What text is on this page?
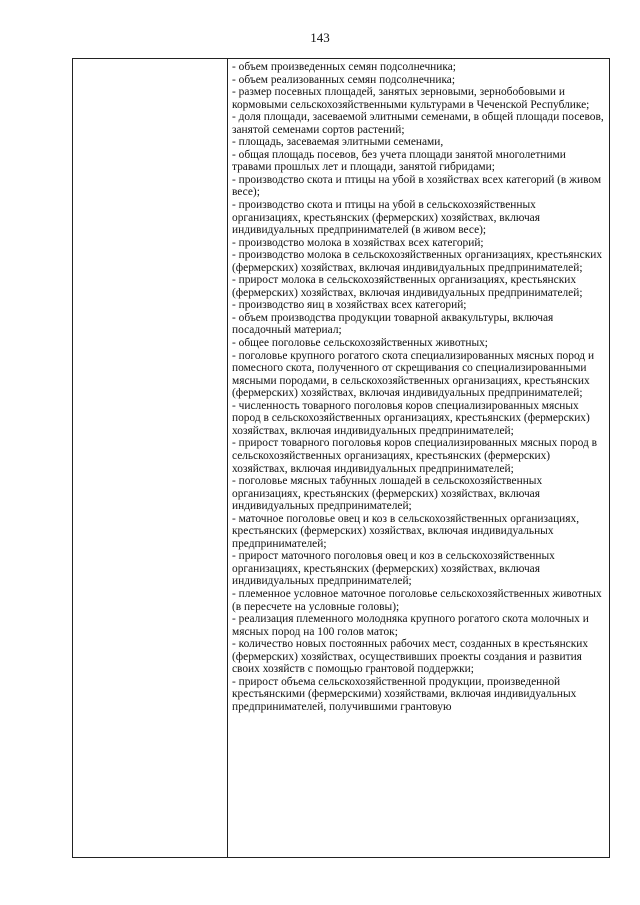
143
- объем произведенных семян подсолнечника;
- объем реализованных семян подсолнечника;
- размер посевных площадей, занятых зерновыми, зернобобовыми и кормовыми сельскохозяйственными культурами в Чеченской Республике;
- доля площади, засеваемой элитными семенами, в общей площади посевов, занятой семенами сортов растений;
- площадь, засеваемая элитными семенами,
- общая площадь посевов, без учета площади занятой многолетними травами прошлых лет и площади, занятой гибридами;
- производство скота и птицы на убой в хозяйствах всех категорий (в живом весе);
- производство скота и птицы на убой в сельскохозяйственных организациях, крестьянских (фермерских) хозяйствах, включая индивидуальных предпринимателей (в живом весе);
- производство молока в хозяйствах всех категорий;
- производство молока в сельскохозяйственных организациях, крестьянских (фермерских) хозяйствах, включая индивидуальных предпринимателей;
- прирост молока в сельскохозяйственных организациях, крестьянских (фермерских) хозяйствах, включая индивидуальных предпринимателей;
- производство яиц в хозяйствах всех категорий;
- объем производства продукции товарной аквакультуры, включая посадочный материал;
- общее поголовье сельскохозяйственных животных;
- поголовье крупного рогатого скота специализированных мясных пород и помесного скота, полученного от скрещивания со специализированными мясными породами, в сельскохозяйственных организациях, крестьянских (фермерских) хозяйствах, включая индивидуальных предпринимателей;
- численность товарного поголовья коров специализированных мясных пород в сельскохозяйственных организациях, крестьянских (фермерских) хозяйствах, включая индивидуальных предпринимателей;
- прирост товарного поголовья коров специализированных мясных пород в сельскохозяйственных организациях, крестьянских (фермерских) хозяйствах, включая индивидуальных предпринимателей;
- поголовье мясных табунных лошадей в сельскохозяйственных организациях, крестьянских (фермерских) хозяйствах, включая индивидуальных предпринимателей;
- маточное поголовье овец и коз в сельскохозяйственных организациях, крестьянских (фермерских) хозяйствах, включая индивидуальных предпринимателей;
- прирост маточного поголовья овец и коз в сельскохозяйственных организациях, крестьянских (фермерских) хозяйствах, включая индивидуальных предпринимателей;
- племенное условное маточное поголовье сельскохозяйственных животных (в пересчете на условные головы);
- реализация племенного молодняка крупного рогатого скота молочных и мясных пород на 100 голов маток;
- количество новых постоянных рабочих мест, созданных в крестьянских (фермерских) хозяйствах, осуществивших проекты создания и развития своих хозяйств с помощью грантовой поддержки;
- прирост объема сельскохозяйственной продукции, произведенной крестьянскими (фермерскими) хозяйствами, включая индивидуальных предпринимателей, получившими грантовую
